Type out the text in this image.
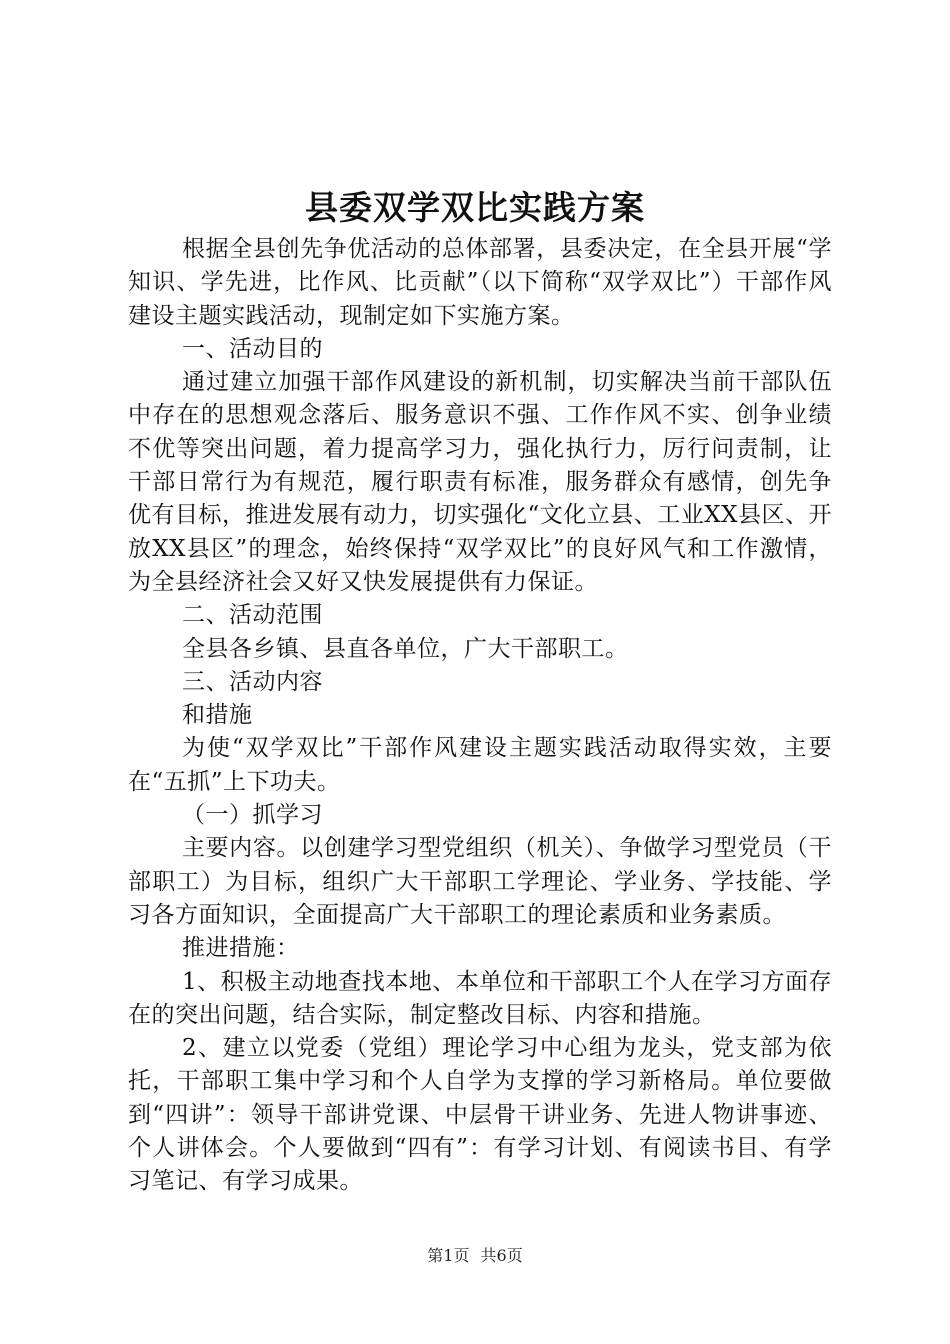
县委双学双比实践方案

根据全县创先争优活动的总体部署，县委决定，在全县开展“学知识、学先进，比作风、比贡献”（以下简称“双学双比”）干部作风建设主题实践活动，现制定如下实施方案。

一、活动目的

通过建立加强干部作风建设的新机制，切实解决当前干部队伍中存在的思想观念落后、服务意识不强、工作作风不实、创争业绩不优等突出问题，着力提高学习力，强化执行力，厉行问责制，让干部日常行为有规范，履行职责有标准，服务群众有感情，创先争优有目标，推进发展有动力，切实强化“文化立县、工业XX县区、开放XX县区”的理念，始终保持“双学双比”的良好风气和工作激情，为全县经济社会又好又快发展提供有力保证。

二、活动范围

全县各乡镇、县直各单位，广大干部职工。

三、活动内容

和措施

为使“双学双比”干部作风建设主题实践活动取得实效，主要在“五抓”上下功夫。

（一）抓学习

主要内容。以创建学习型党组织（机关）、争做学习型党员（干部职工）为目标，组织广大干部职工学理论、学业务、学技能、学习各方面知识，全面提高广大干部职工的理论素质和业务素质。

推进措施：

1、积极主动地查找本地、本单位和干部职工个人在学习方面存在的突出问题，结合实际，制定整改目标、内容和措施。

2、建立以党委（党组）理论学习中心组为龙头，党支部为依托，干部职工集中学习和个人自学为支撑的学习新格局。单位要做到“四讲”：领导干部讲党课、中层骨干讲业务、先进人物讲事迹、个人讲体会。个人要做到“四有”：有学习计划、有阅读书目、有学习笔记、有学习成果。

第1页 共6页
